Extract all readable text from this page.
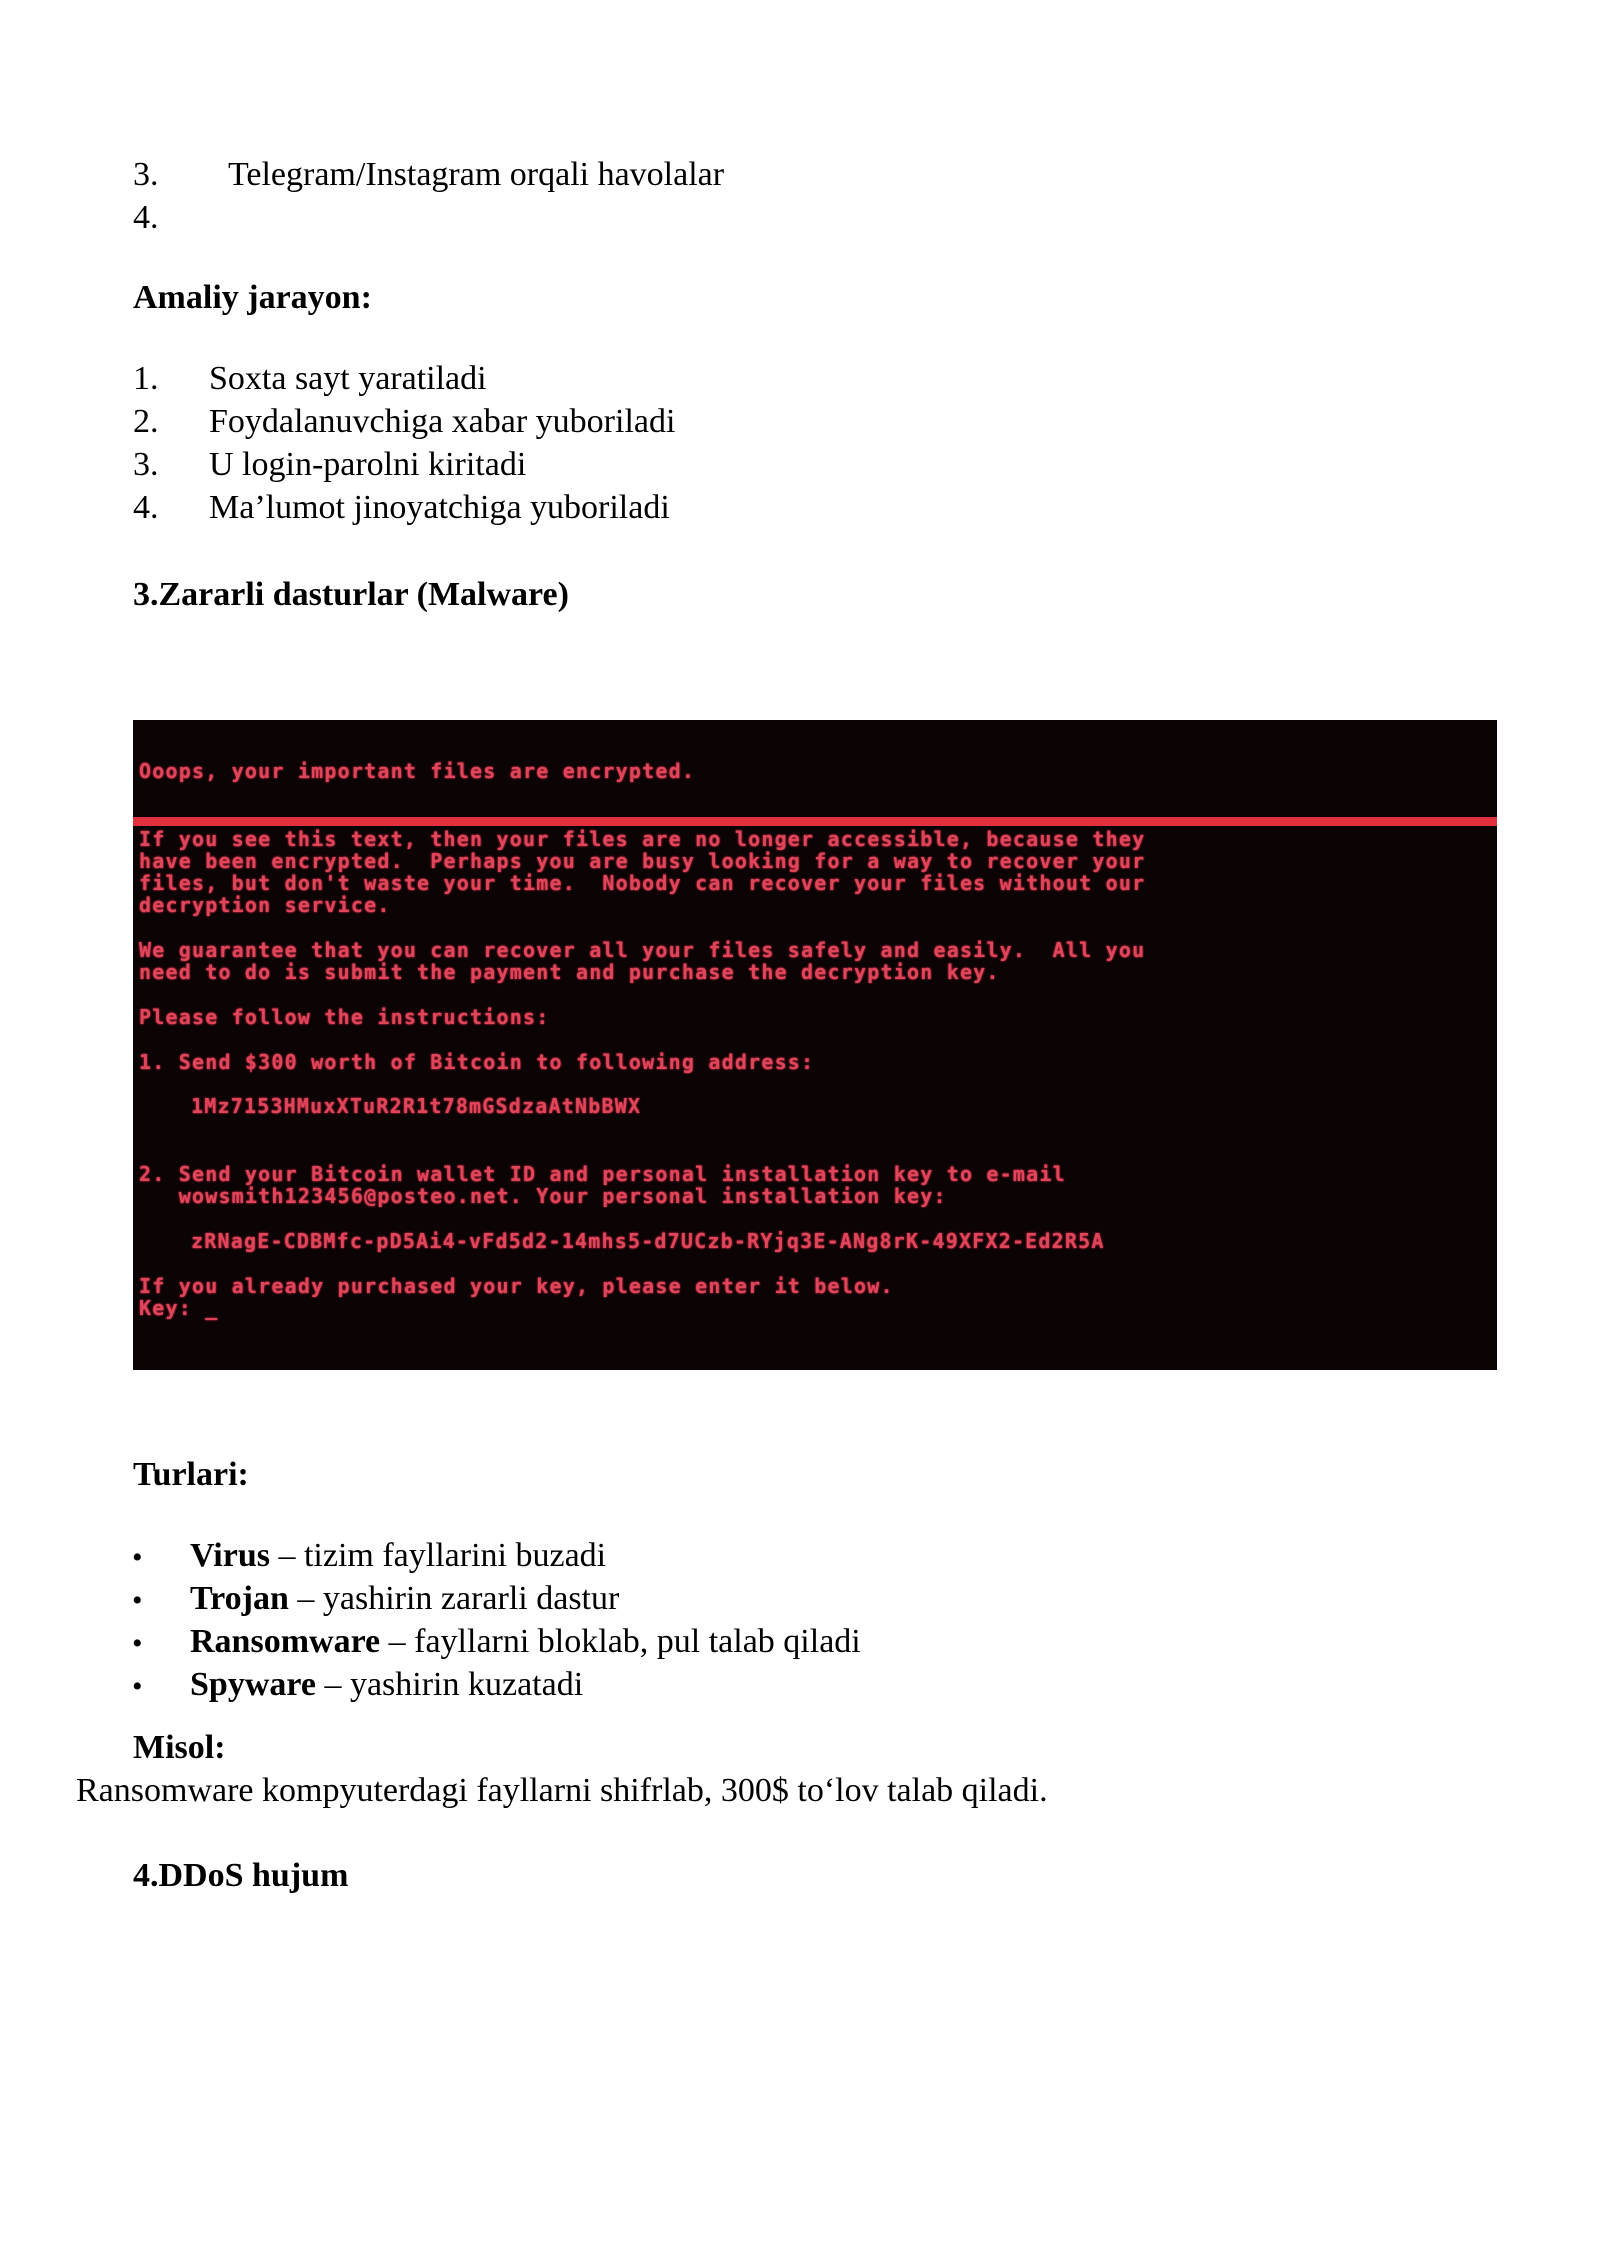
3. Telegram/Instagram orqali havolalar
4.
Amaliy jarayon:
1. Soxta sayt yaratiladi
2. Foydalanuvchiga xabar yuboriladi
3. U login-parolni kiritadi
4. Ma’lumot jinoyatchiga yuboriladi
3.Zararli dasturlar (Malware)
Ooops, your important files are encrypted.
If you see this text, then your files are no longer accessible, because they
have been encrypted.  Perhaps you are busy looking for a way to recover your
files, but don't waste your time.  Nobody can recover your files without our
decryption service.
We guarantee that you can recover all your files safely and easily.  All you
need to do is submit the payment and purchase the decryption key.
Please follow the instructions:
1. Send $300 worth of Bitcoin to following address:
1Mz7153HMuxXTuR2R1t78mGSdzaAtNbBWX
2. Send your Bitcoin wallet ID and personal installation key to e-mail
wowsmith123456@posteo.net. Your personal installation key:
zRNagE-CDBMfc-pD5Ai4-vFd5d2-14mhs5-d7UCzb-RYjq3E-ANg8rK-49XFX2-Ed2R5A
If you already purchased your key, please enter it below.
Key: _
Turlari:
• Virus – tizim fayllarini buzadi
• Trojan – yashirin zararli dastur
• Ransomware – fayllarni bloklab, pul talab qiladi
• Spyware – yashirin kuzatadi
Misol:
Ransomware kompyuterdagi fayllarni shifrlab, 300$ to‘lov talab qiladi.
4.DDoS hujum
